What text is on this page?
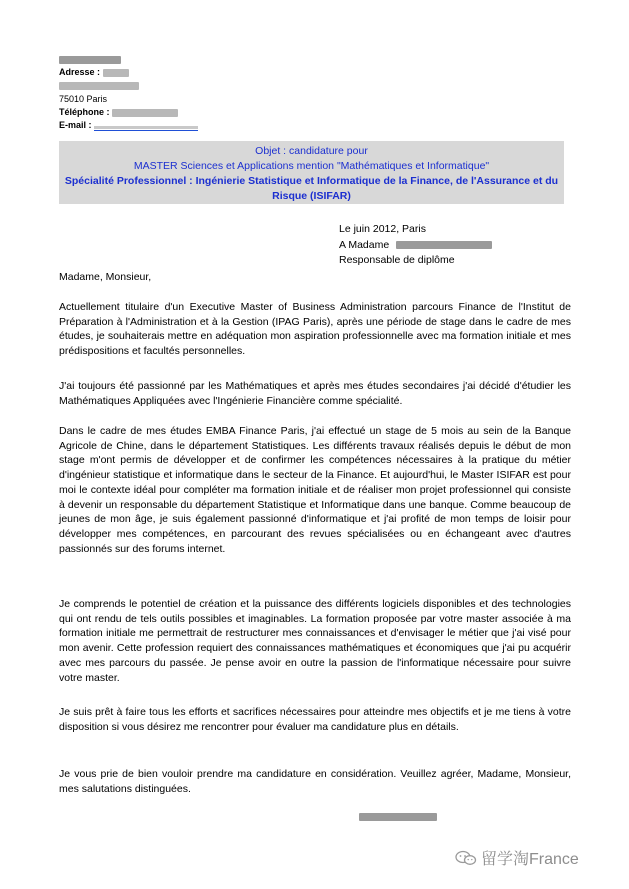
Adresse :
75010 Paris
Téléphone :
E-mail :
Objet : candidature pour
MASTER Sciences et Applications mention "Mathématiques et Informatique"
Spécialité Professionnel : Ingénierie Statistique et Informatique de la Finance, de l'Assurance et du Risque (ISIFAR)
Le juin 2012, Paris
A Madame
Responsable de diplôme
Madame, Monsieur,
Actuellement titulaire d'un Executive Master of Business Administration parcours Finance de l'Institut de Préparation à l'Administration et à la Gestion (IPAG Paris), après une période de stage dans le cadre de mes études, je souhaiterais mettre en adéquation mon aspiration professionnelle avec ma formation initiale et mes prédispositions et facultés personnelles.
J'ai toujours été passionné par les Mathématiques et après mes études secondaires j'ai décidé d'étudier les Mathématiques Appliquées avec l'Ingénierie Financière comme spécialité.
Dans le cadre de mes études EMBA Finance Paris, j'ai effectué un stage de 5 mois au sein de la Banque Agricole de Chine, dans le département Statistiques. Les différents travaux réalisés depuis le début de mon stage m'ont permis de développer et de confirmer les compétences nécessaires à la pratique du métier d'ingénieur statistique et informatique dans le secteur de la Finance. Et aujourd'hui, le Master ISIFAR est pour moi le contexte idéal pour compléter ma formation initiale et de réaliser mon projet professionnel qui consiste à devenir un responsable du département Statistique et Informatique dans une banque. Comme beaucoup de jeunes de mon âge, je suis également passionné d'informatique et j'ai profité de mon temps de loisir pour développer mes compétences, en parcourant des revues spécialisées ou en échangeant avec d'autres passionnés sur des forums internet.
Je comprends le potentiel de création et la puissance des différents logiciels disponibles et des technologies qui ont rendu de tels outils possibles et imaginables. La formation proposée par votre master associée à ma formation initiale me permettrait de restructurer mes connaissances et d'envisager le métier que j'ai visé pour mon avenir. Cette profession requiert des connaissances mathématiques et économiques que j'ai pu acquérir avec mes parcours du passée. Je pense avoir en outre la passion de l'informatique nécessaire pour suivre votre master.
Je suis prêt à faire tous les efforts et sacrifices nécessaires pour atteindre mes objectifs et je me tiens à votre disposition si vous désirez me rencontrer pour évaluer ma candidature plus en détails.
Je vous prie de bien vouloir prendre ma candidature en considération. Veuillez agréer, Madame, Monsieur, mes salutations distinguées.
留学淘France
